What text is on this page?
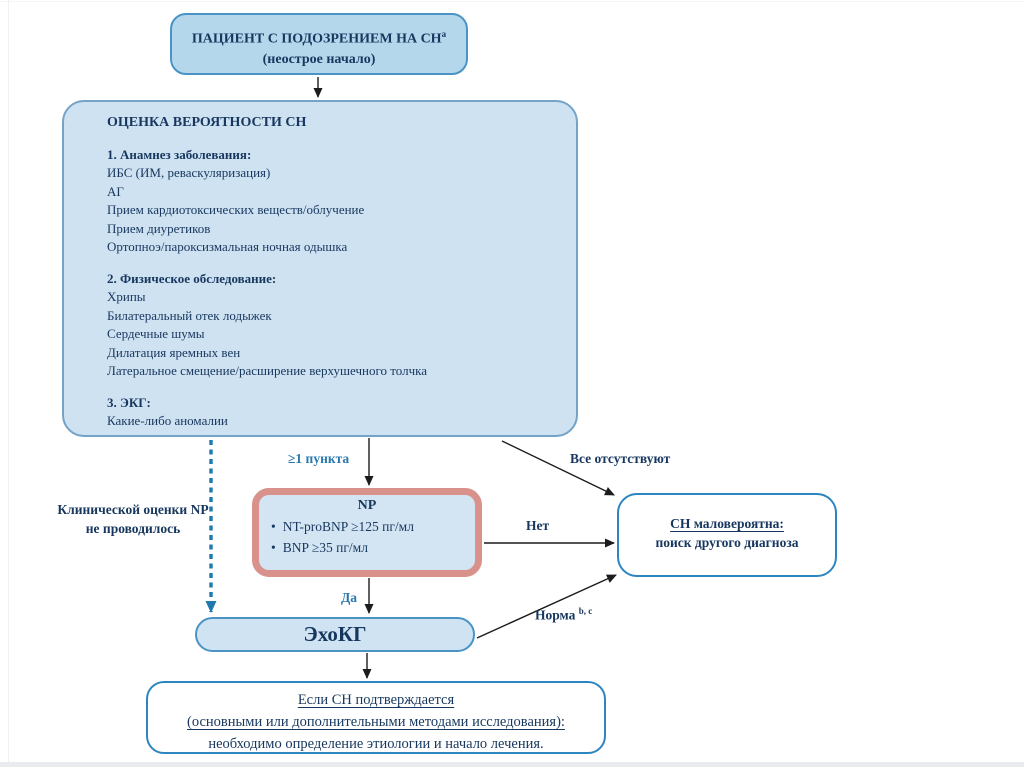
ПАЦИЕНТ С ПОДОЗРЕНИЕМ НА $СН^а$
(неострое начало)
ОЦЕНКА ВЕРОЯТНОСТИ СН
1. Анамнез заболевания:
ИБС (ИМ, реваскуляризация)
АГ
Прием кардиотоксических веществ/облучение
Прием диуретиков
Ортопноэ/пароксизмальная ночная одышка
2. Физическое обследование:
Хрипы
Билатеральный отек лодыжек
Сердечные шумы
Дилатация яремных вен
Латеральное смещение/расширение верхушечного толчка
3. ЭКГ:
Какие-либо аномалии
NP
• NT-proBNP ≥125 пг/мл
• BNP ≥35 пг/мл
ЭхоКГ
СН маловероятна:
поиск другого диагноза
Если СН подтверждается
(основными или дополнительными методами исследования):
необходимо определение этиологии и начало лечения.
≥1 пункта	Все отсутствуют
Нет
Да
Норма $^{b, c}$
Клинической оценки NP
не проводилось
